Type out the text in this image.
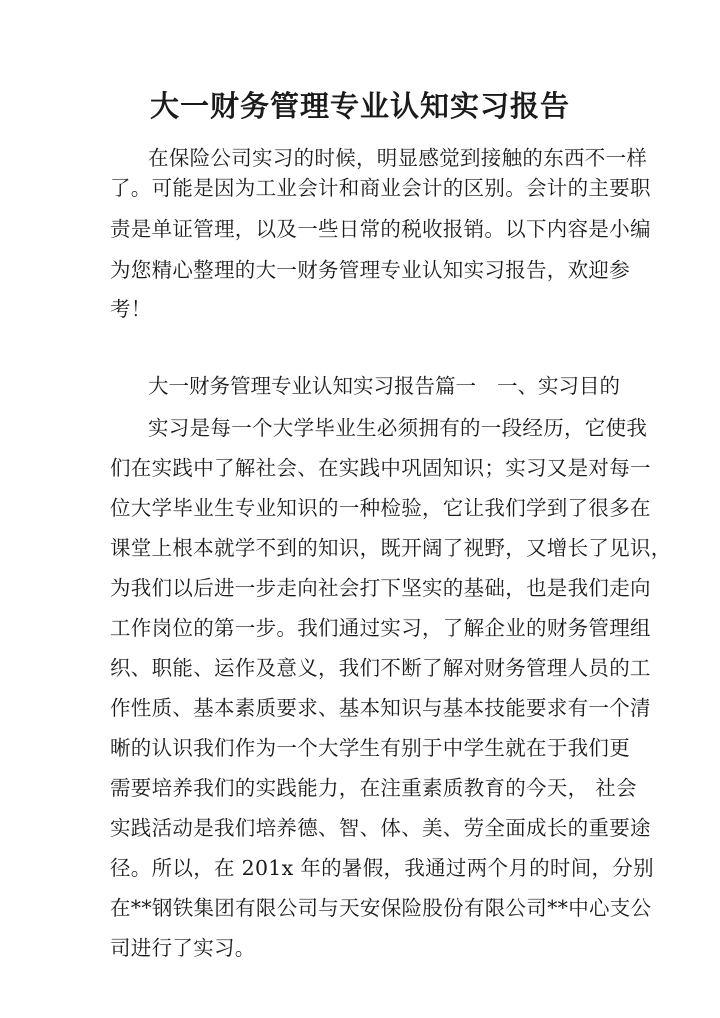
大一财务管理专业认知实习报告
在保险公司实习的时候，明显感觉到接触的东西不一样
了。可能是因为工业会计和商业会计的区别。会计的主要职
责是单证管理，以及一些日常的税收报销。以下内容是小编
为您精心整理的大一财务管理专业认知实习报告，欢迎参
考！
大一财务管理专业认知实习报告篇一 一、实习目的
实习是每一个大学毕业生必须拥有的一段经历，它使我
们在实践中了解社会、在实践中巩固知识；实习又是对每一
位大学毕业生专业知识的一种检验，它让我们学到了很多在
课堂上根本就学不到的知识，既开阔了视野，又增长了见识，
为我们以后进一步走向社会打下坚实的基础，也是我们走向
工作岗位的第一步。我们通过实习，了解企业的财务管理组
织、职能、运作及意义，我们不断了解对财务管理人员的工
作性质、基本素质要求、基本知识与基本技能要求有一个清
晰的认识我们作为一个大学生有别于中学生就在于我们更
需要培养我们的实践能力，在注重素质教育的今天， 社会
实践活动是我们培养德、智、体、美、劳全面成长的重要途
径。所以，在 201x 年的暑假，我通过两个月的时间，分别
在**钢铁集团有限公司与天安保险股份有限公司**中心支公
司进行了实习。
